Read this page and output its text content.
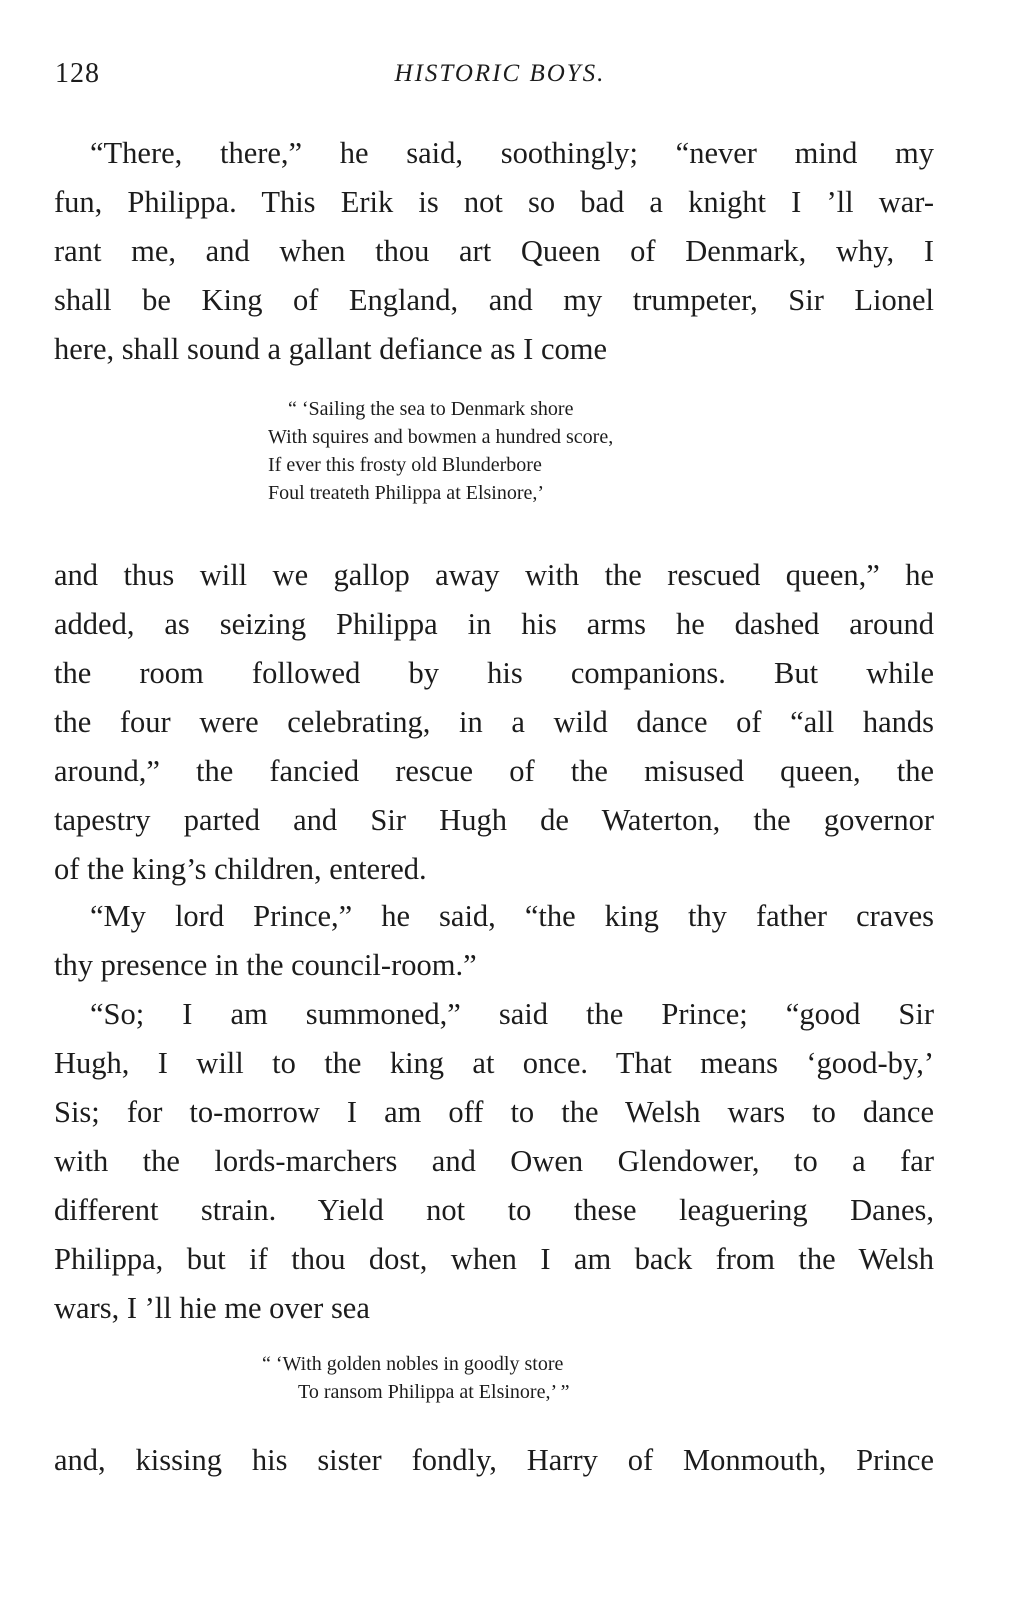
128	HISTORIC BOYS.
“There, there,” he said, soothingly; “never mind my
fun, Philippa. This Erik is not so bad a knight I ’ll war-
rant me, and when thou art Queen of Denmark, why, I
shall be King of England, and my trumpeter, Sir Lionel
here, shall sound a gallant defiance as I come
“ ‘Sailing the sea to Denmark shore
With squires and bowmen a hundred score,
If ever this frosty old Blunderbore
Foul treateth Philippa at Elsinore,’
and thus will we gallop away with the rescued queen,” he
added, as seizing Philippa in his arms he dashed around
the room followed by his companions. But while
the four were celebrating, in a wild dance of “all hands
around,” the fancied rescue of the misused queen, the
tapestry parted and Sir Hugh de Waterton, the governor
of the king’s children, entered.
“My lord Prince,” he said, “the king thy father craves
thy presence in the council-room.”
“So; I am summoned,” said the Prince; “good Sir
Hugh, I will to the king at once. That means ‘good-by,’
Sis; for to-morrow I am off to the Welsh wars to dance
with the lords-marchers and Owen Glendower, to a far
different strain. Yield not to these leaguering Danes,
Philippa, but if thou dost, when I am back from the Welsh
wars, I ’ll hie me over sea
“ ‘With golden nobles in goodly store
To ransom Philippa at Elsinore,’ ”
and, kissing his sister fondly, Harry of Monmouth, Prince
